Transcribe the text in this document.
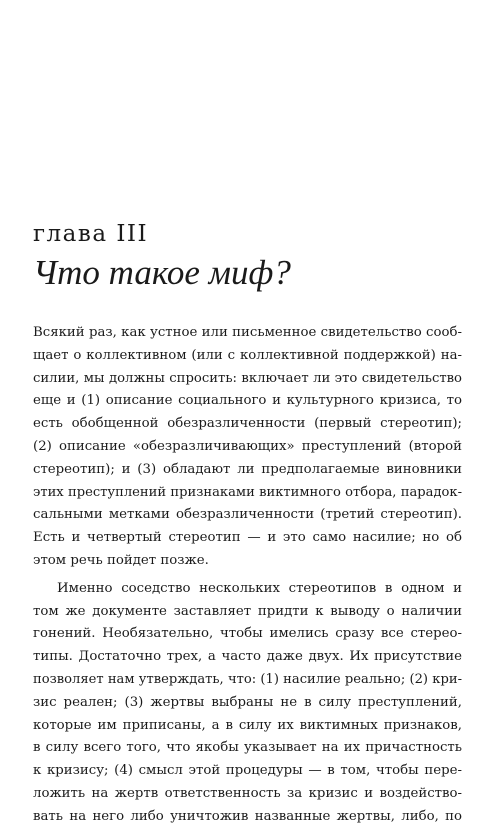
глава III
Что такое миф?
Всякий раз, как устное или письменное свидетельство сооб-
щает о коллективном (или с коллективной поддержкой) на-
силии, мы должны спросить: включает ли это свидетельство
еще и (1) описание социального и культурного кризиса, то
есть обобщенной обезразличенности (первый стереотип);
(2) описание «обезразличивающих» преступлений (второй
стереотип); и (3) обладают ли предполагаемые виновники
этих преступлений признаками виктимного отбора, парадок-
сальными метками обезразличенности (третий стереотип).
Есть и четвертый стереотип — и это само насилие; но об
этом речь пойдет позже.
Именно соседство нескольких стереотипов в одном и
том же документе заставляет придти к выводу о наличии
гонений. Необязательно, чтобы имелись сразу все стерео-
типы. Достаточно трех, а часто даже двух. Их присутствие
позволяет нам утверждать, что: (1) насилие реально; (2) кри-
зис реален; (3) жертвы выбраны не в силу преступлений,
которые им приписаны, а в силу их виктимных признаков,
в силу всего того, что якобы указывает на их причастность
к кризису; (4) смысл этой процедуры — в том, чтобы пере-
ложить на жертв ответственность за кризис и воздейство-
вать на него либо уничтожив названные жертвы, либо, по
